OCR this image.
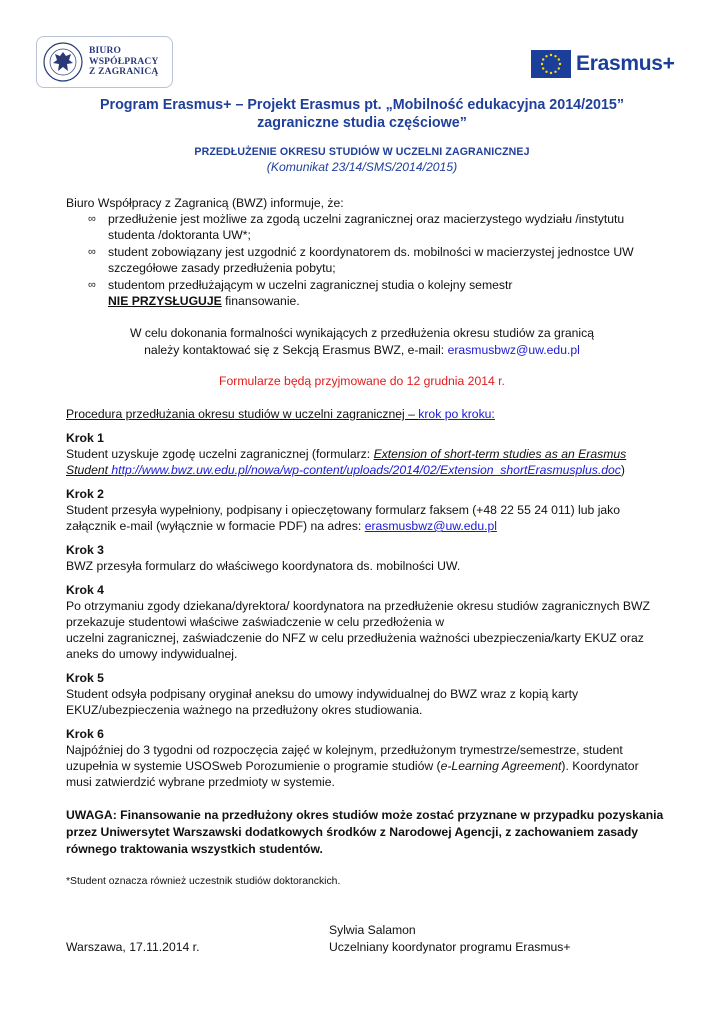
BIURO
WSPÓŁPRACY
Z ZAGRANICĄ	Erasmus+
Program Erasmus+ – Projekt Erasmus pt. „Mobilność edukacyjna 2014/2015”
zagraniczne studia częściowe”
PRZEDŁUŻENIE OKRESU STUDIÓW W UCZELNI ZAGRANICZNEJ
(Komunikat 23/14/SMS/2014/2015)
Biuro Współpracy z Zagranicą (BWZ) informuje, że:
∞ przedłużenie jest możliwe za zgodą uczelni zagranicznej oraz macierzystego wydziału /instytutu
studenta /doktoranta UW*;
∞ student zobowiązany jest uzgodnić z koordynatorem ds. mobilności w macierzystej jednostce UW
szczegółowe zasady przedłużenia pobytu;
∞ studentom przedłużającym w uczelni zagranicznej studia o kolejny semestr
NIE PRZYSŁUGUJE finansowanie.
W celu dokonania formalności wynikających z przedłużenia okresu studiów za granicą
należy kontaktować się z Sekcją Erasmus BWZ, e-mail: erasmusbwz@uw.edu.pl
Formularze będą przyjmowane do 12 grudnia 2014 r.
Procedura przedłużania okresu studiów w uczelni zagranicznej – krok po kroku:
Krok 1
Student uzyskuje zgodę uczelni zagranicznej (formularz: Extension of short-term studies as an Erasmus
Student http://www.bwz.uw.edu.pl/nowa/wp-content/uploads/2014/02/Extension_shortErasmusplus.doc)
Krok 2
Student przesyła wypełniony, podpisany i opieczętowany formularz faksem (+48 22 55 24 011) lub jako
załącznik e-mail (wyłącznie w formacie PDF) na adres: erasmusbwz@uw.edu.pl
Krok 3
BWZ przesyła formularz do właściwego koordynatora ds. mobilności UW.
Krok 4
Po otrzymaniu zgody dziekana/dyrektora/ koordynatora na przedłużenie okresu studiów zagranicznych BWZ
przekazuje studentowi właściwe zaświadczenie w celu przedłożenia w
uczelni zagranicznej, zaświadczenie do NFZ w celu przedłużenia ważności ubezpieczenia/karty EKUZ oraz
aneks do umowy indywidualnej.
Krok 5
Student odsyła podpisany oryginał aneksu do umowy indywidualnej do BWZ wraz z kopią karty
EKUZ/ubezpieczenia ważnego na przedłużony okres studiowania.
Krok 6
Najpóźniej do 3 tygodni od rozpoczęcia zajęć w kolejnym, przedłużonym trymestrze/semestrze, student
uzupełnia w systemie USOSweb Porozumienie o programie studiów (e-Learning Agreement). Koordynator
musi zatwierdzić wybrane przedmioty w systemie.
UWAGA: Finansowanie na przedłużony okres studiów może zostać przyznane w przypadku pozyskania
przez Uniwersytet Warszawski dodatkowych środków z Narodowej Agencji, z zachowaniem zasady
równego traktowania wszystkich studentów.
*Student oznacza również uczestnik studiów doktoranckich.
Sylwia Salamon
Warszawa, 17.11.2014 r.	Uczelniany koordynator programu Erasmus+
